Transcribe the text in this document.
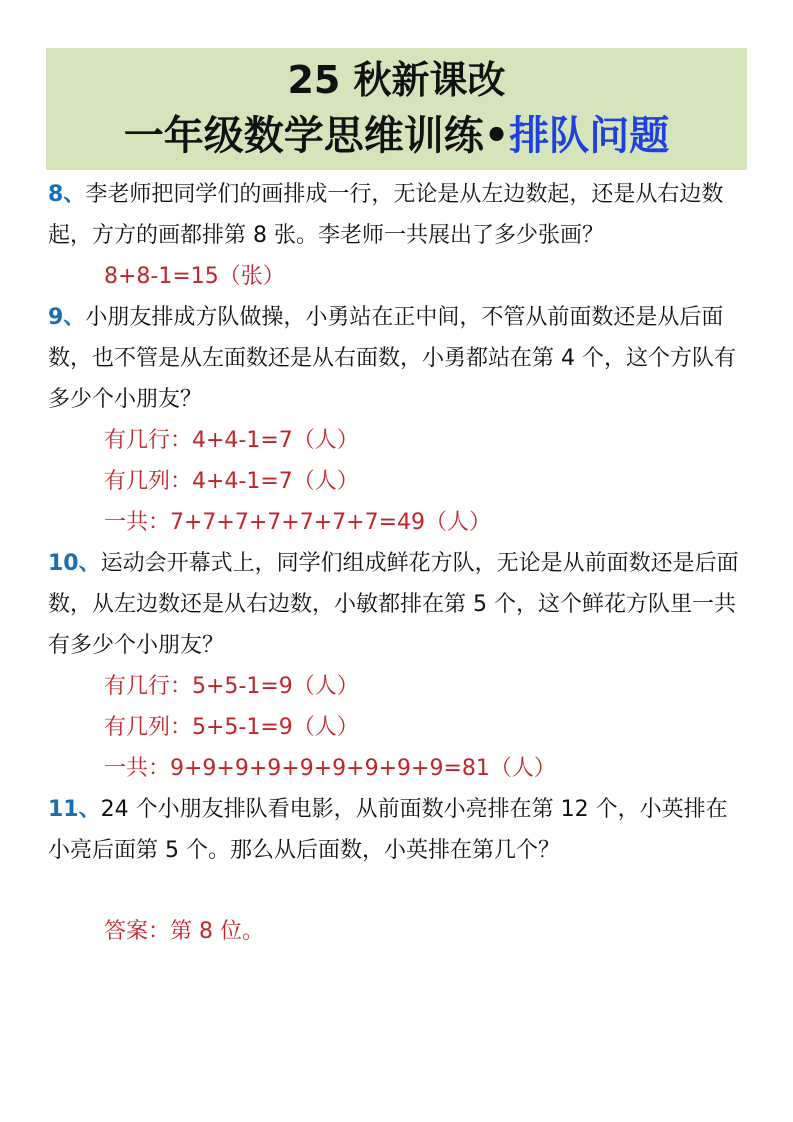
25 秋新课改
一年级数学思维训练•排队问题
8、李老师把同学们的画排成一行，无论是从左边数起，还是从右边数起，方方的画都排第 8 张。李老师一共展出了多少张画？
8+8-1=15（张）
9、小朋友排成方队做操，小勇站在正中间，不管从前面数还是从后面数，也不管是从左面数还是从右面数，小勇都站在第 4 个，这个方队有多少个小朋友？
有几行：4+4-1=7（人）
有几列：4+4-1=7（人）
一共：7+7+7+7+7+7+7=49（人）
10、运动会开幕式上，同学们组成鲜花方队，无论是从前面数还是后面数，从左边数还是从右边数，小敏都排在第 5 个，这个鲜花方队里一共有多少个小朋友？
有几行：5+5-1=9（人）
有几列：5+5-1=9（人）
一共：9+9+9+9+9+9+9+9+9=81（人）
11、24 个小朋友排队看电影，从前面数小亮排在第 12 个，小英排在小亮后面第 5 个。那么从后面数，小英排在第几个？
答案：第 8 位。
